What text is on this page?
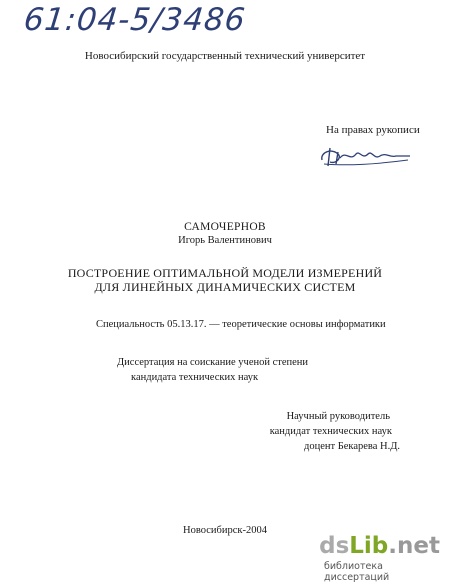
61:04-5/3486
Новосибирский государственный технический университет
На правах рукописи
САМОЧЕРНОВ
Игорь Валентинович
ПОСТРОЕНИЕ ОПТИМАЛЬНОЙ МОДЕЛИ ИЗМЕРЕНИЙ
ДЛЯ ЛИНЕЙНЫХ ДИНАМИЧЕСКИХ СИСТЕМ
Специальность 05.13.17. — теоретические основы информатики
Диссертация на соискание ученой степени
кандидата технических наук
Научный руководитель
кандидат технических наук
доцент Бекарева Н.Д.
Новосибирск-2004
dsLib.net
библиотека диссертаций
